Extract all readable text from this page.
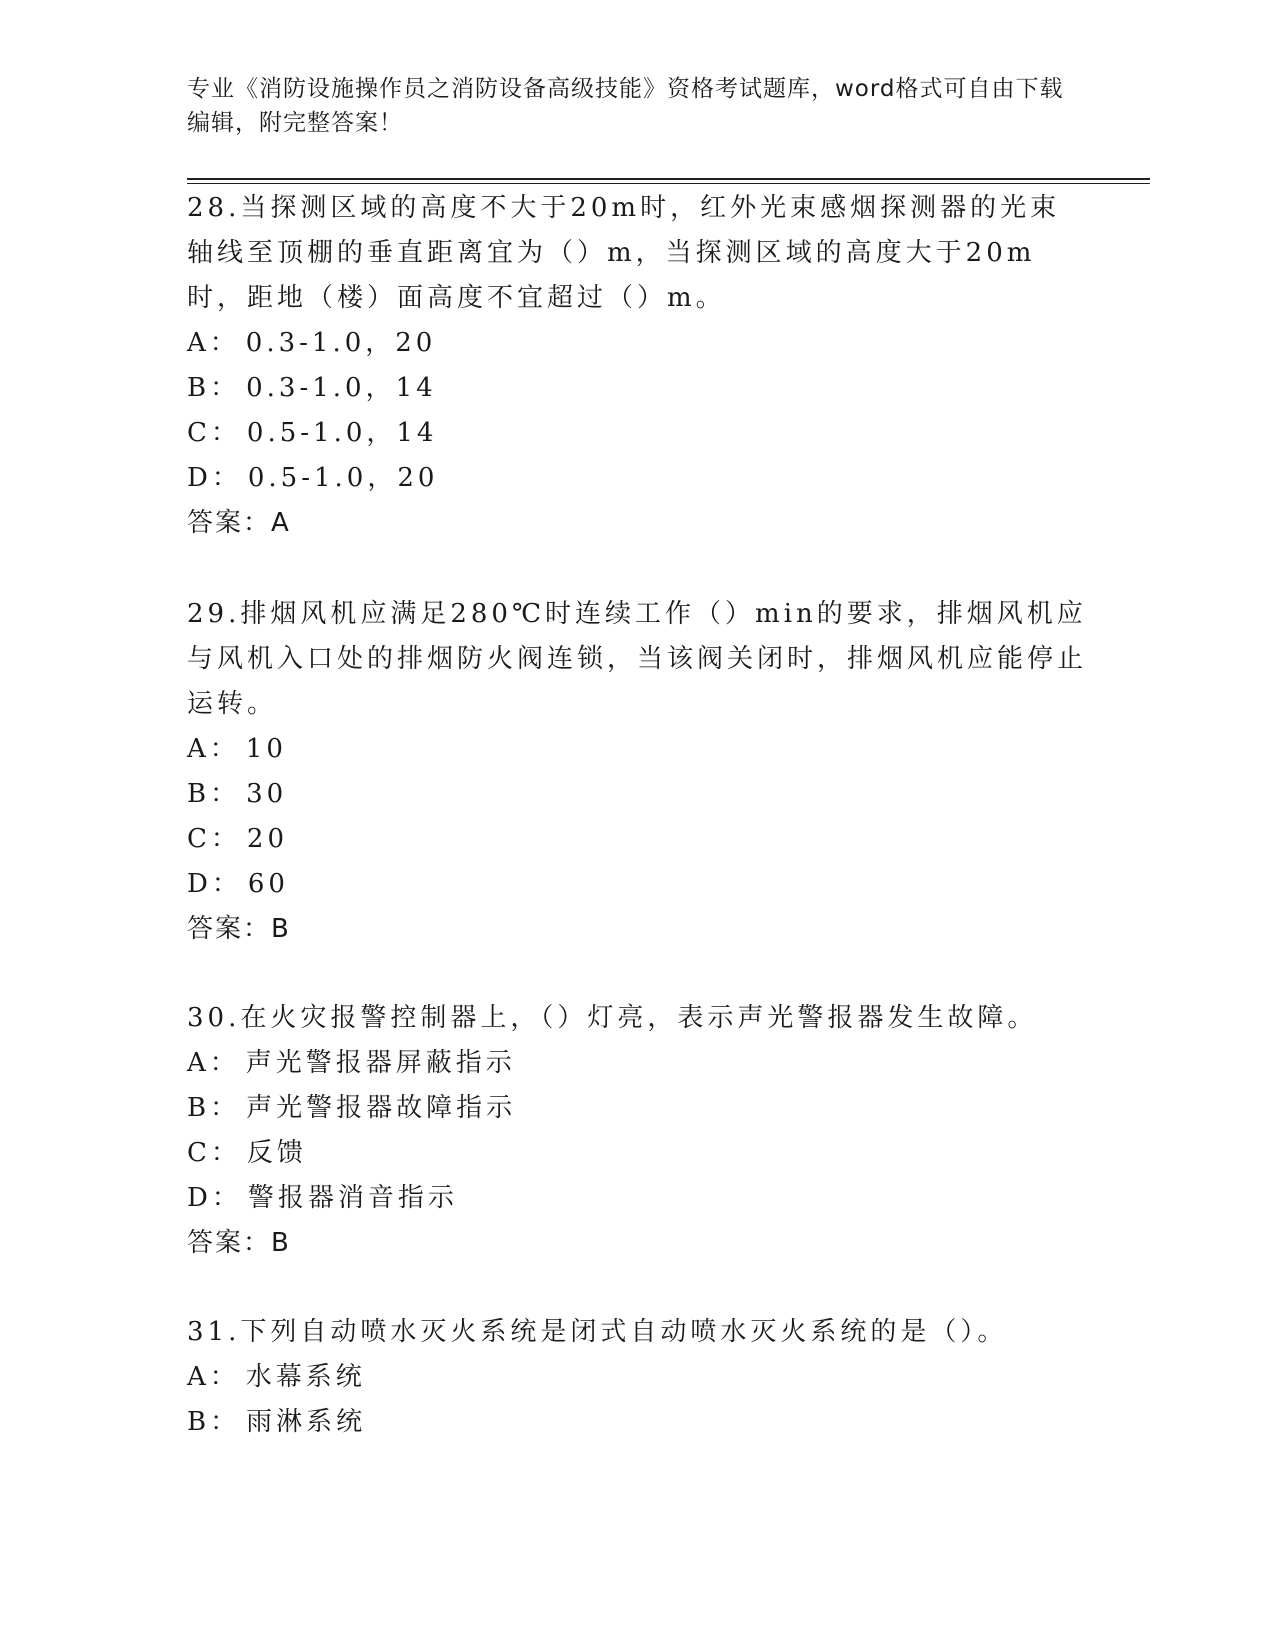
专业《消防设施操作员之消防设备高级技能》资格考试题库，word格式可自由下载编辑，附完整答案！

28.当探测区域的高度不大于20m时，红外光束感烟探测器的光束轴线至顶棚的垂直距离宜为（）m，当探测区域的高度大于20m时，距地（楼）面高度不宜超过（）m。

A： 0.3-1.0，20

B： 0.3-1.0，14

C： 0.5-1.0，14

D： 0.5-1.0，20

答案：A

29.排烟风机应满足280℃时连续工作（）min的要求，排烟风机应与风机入口处的排烟防火阀连锁，当该阀关闭时，排烟风机应能停止运转。

A： 10

B： 30

C： 20

D： 60

答案：B

30.在火灾报警控制器上，（）灯亮，表示声光警报器发生故障。

A： 声光警报器屏蔽指示

B： 声光警报器故障指示

C： 反馈

D： 警报器消音指示

答案：B

31.下列自动喷水灭火系统是闭式自动喷水灭火系统的是（）。

A： 水幕系统

B： 雨淋系统
